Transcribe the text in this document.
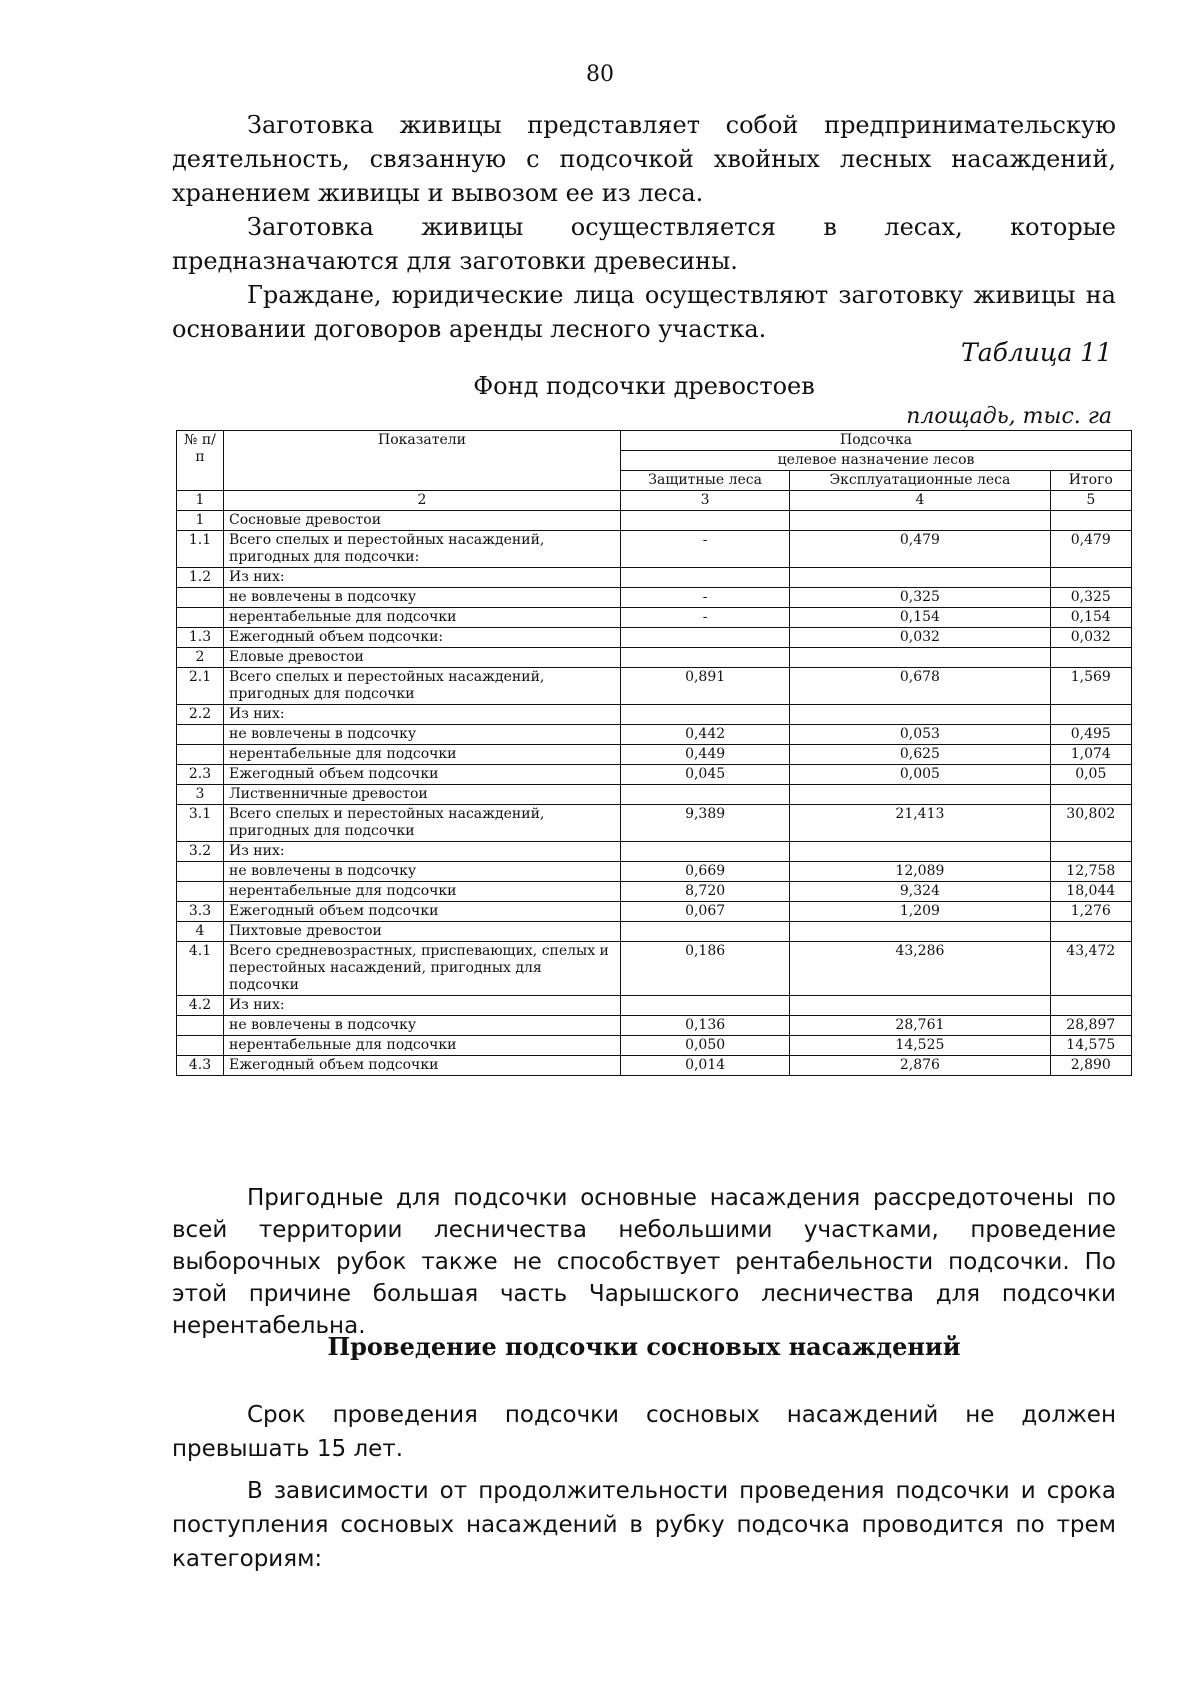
80

Заготовка живицы представляет собой предпринимательскую деятельность, связанную с подсочкой хвойных лесных насаждений, хранением живицы и вывозом ее из леса.

Заготовка живицы осуществляется в лесах, которые предназначаются для заготовки древесины.

Граждане, юридические лица осуществляют заготовку живицы на основании договоров аренды лесного участка.

Таблица 11
Фонд подсочки древостоев
площадь, тыс. га
№ п/п	Показатели	Подсочка		
		целевое назначение лесов		
		Защитные леса	Эксплуатационные леса	Итого
1	2	3	4	5
1	Сосновые древостои			
1.1	Всего спелых и перестойных насаждений, пригодных для подсочки:	-	0,479	0,479
1.2	Из них:			
	не вовлечены в подсочку	-	0,325	0,325
	нерентабельные для подсочки	-	0,154	0,154
1.3	Ежегодный объем подсочки:		0,032	0,032
2	Еловые древостои			
2.1	Всего спелых и перестойных насаждений, пригодных для подсочки	0,891	0,678	1,569
2.2	Из них:			
	не вовлечены в подсочку	0,442	0,053	0,495
	нерентабельные для подсочки	0,449	0,625	1,074
2.3	Ежегодный объем подсочки	0,045	0,005	0,05
3	Лиственничные древостои			
3.1	Всего спелых и перестойных насаждений, пригодных для подсочки	9,389	21,413	30,802
3.2	Из них:			
	не вовлечены в подсочку	0,669	12,089	12,758
	нерентабельные для подсочки	8,720	9,324	18,044
3.3	Ежегодный объем подсочки	0,067	1,209	1,276
4	Пихтовые древостои			
4.1	Всего средневозрастных, приспевающих, спелых и перестойных насаждений, пригодных для подсочки	0,186	43,286	43,472
4.2	Из них:			
	не вовлечены в подсочку	0,136	28,761	28,897
	нерентабельные для подсочки	0,050	14,525	14,575
4.3	Ежегодный объем подсочки	0,014	2,876	2,890

Пригодные для подсочки основные насаждения рассредоточены по всей территории лесничества небольшими участками, проведение выборочных рубок также не способствует рентабельности подсочки. По этой причине большая часть Чарышского лесничества для подсочки нерентабельна.

Проведение подсочки сосновых насаждений

Срок проведения подсочки сосновых насаждений не должен превышать 15 лет.

В зависимости от продолжительности проведения подсочки и срока поступления сосновых насаждений в рубку подсочка проводится по трем категориям:
